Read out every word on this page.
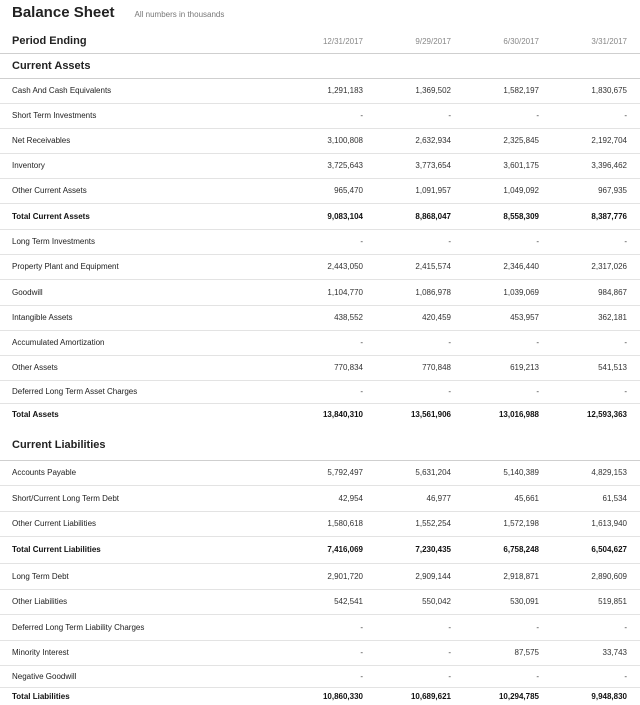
Balance Sheet	All numbers in thousands
Period Ending	12/31/2017	9/29/2017	6/30/2017	3/31/2017
Current Assets
Cash And Cash Equivalents	1,291,183	1,369,502	1,582,197	1,830,675
Short Term Investments	-	-	-	-
Net Receivables	3,100,808	2,632,934	2,325,845	2,192,704
Inventory	3,725,643	3,773,654	3,601,175	3,396,462
Other Current Assets	965,470	1,091,957	1,049,092	967,935
Total Current Assets	9,083,104	8,868,047	8,558,309	8,387,776
Long Term Investments	-	-	-	-
Property Plant and Equipment	2,443,050	2,415,574	2,346,440	2,317,026
Goodwill	1,104,770	1,086,978	1,039,069	984,867
Intangible Assets	438,552	420,459	453,957	362,181
Accumulated Amortization	-	-	-	-
Other Assets	770,834	770,848	619,213	541,513
Deferred Long Term Asset Charges	-	-	-	-
Total Assets	13,840,310	13,561,906	13,016,988	12,593,363
Current Liabilities
Accounts Payable	5,792,497	5,631,204	5,140,389	4,829,153
Short/Current Long Term Debt	42,954	46,977	45,661	61,534
Other Current Liabilities	1,580,618	1,552,254	1,572,198	1,613,940
Total Current Liabilities	7,416,069	7,230,435	6,758,248	6,504,627
Long Term Debt	2,901,720	2,909,144	2,918,871	2,890,609
Other Liabilities	542,541	550,042	530,091	519,851
Deferred Long Term Liability Charges	-	-	-	-
Minority Interest	-	-	87,575	33,743
Negative Goodwill	-	-	-	-
Total Liabilities	10,860,330	10,689,621	10,294,785	9,948,830
